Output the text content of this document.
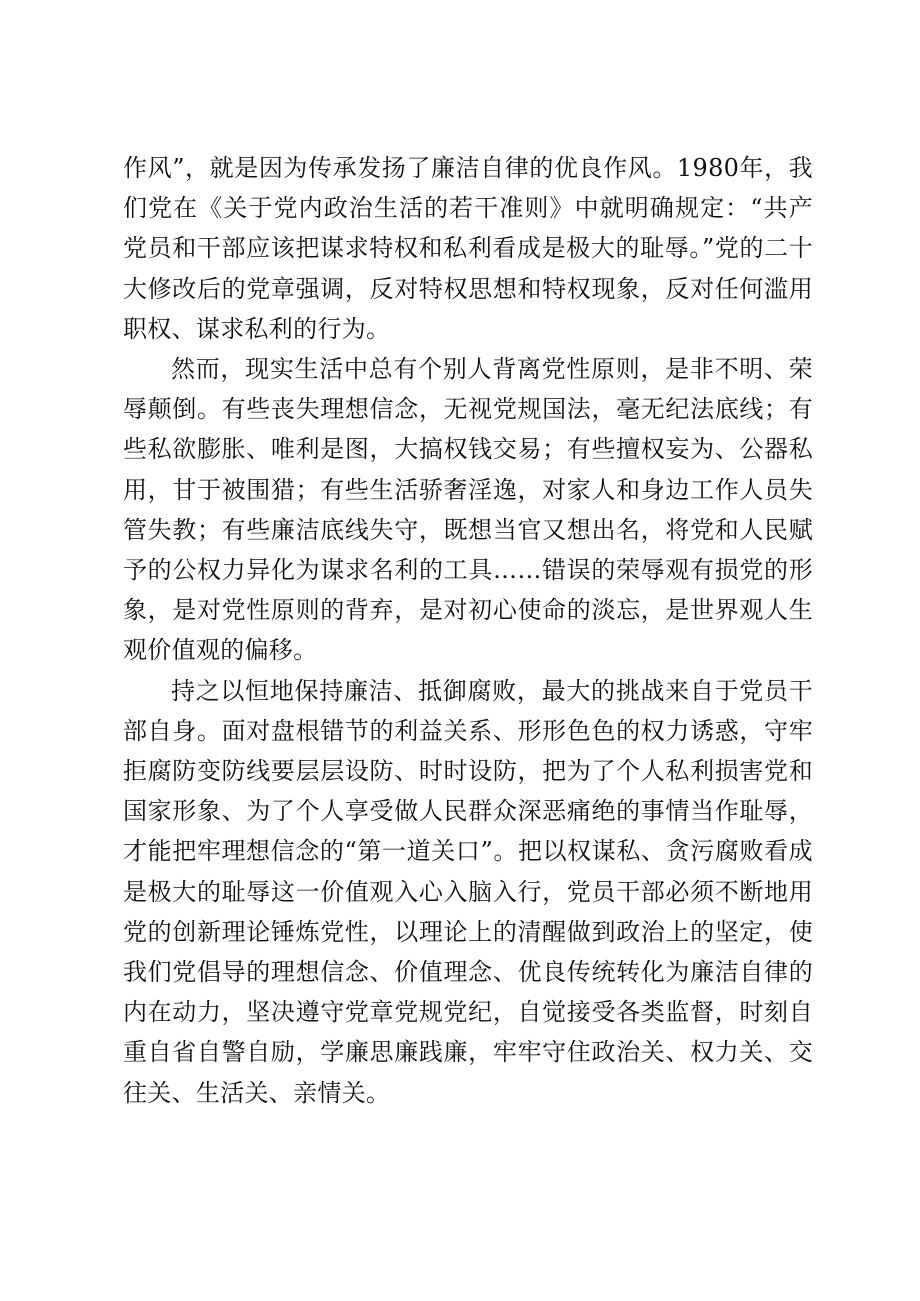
作风”，就是因为传承发扬了廉洁自律的优良作风。1980年，我们党在《关于党内政治生活的若干准则》中就明确规定：“共产党员和干部应该把谋求特权和私利看成是极大的耻辱。”党的二十大修改后的党章强调，反对特权思想和特权现象，反对任何滥用职权、谋求私利的行为。

然而，现实生活中总有个别人背离党性原则，是非不明、荣辱颠倒。有些丧失理想信念，无视党规国法，毫无纪法底线；有些私欲膨胀、唯利是图，大搞权钱交易；有些擅权妄为、公器私用，甘于被围猎；有些生活骄奢淫逸，对家人和身边工作人员失管失教；有些廉洁底线失守，既想当官又想出名，将党和人民赋予的公权力异化为谋求名利的工具……错误的荣辱观有损党的形象，是对党性原则的背弃，是对初心使命的淡忘，是世界观人生观价值观的偏移。

持之以恒地保持廉洁、抵御腐败，最大的挑战来自于党员干部自身。面对盘根错节的利益关系、形形色色的权力诱惑，守牢拒腐防变防线要层层设防、时时设防，把为了个人私利损害党和国家形象、为了个人享受做人民群众深恶痛绝的事情当作耻辱，才能把牢理想信念的“第一道关口”。把以权谋私、贪污腐败看成是极大的耻辱这一价值观入心入脑入行，党员干部必须不断地用党的创新理论锤炼党性，以理论上的清醒做到政治上的坚定，使我们党倡导的理想信念、价值理念、优良传统转化为廉洁自律的内在动力，坚决遵守党章党规党纪，自觉接受各类监督，时刻自重自省自警自励，学廉思廉践廉，牢牢守住政治关、权力关、交往关、生活关、亲情关。
